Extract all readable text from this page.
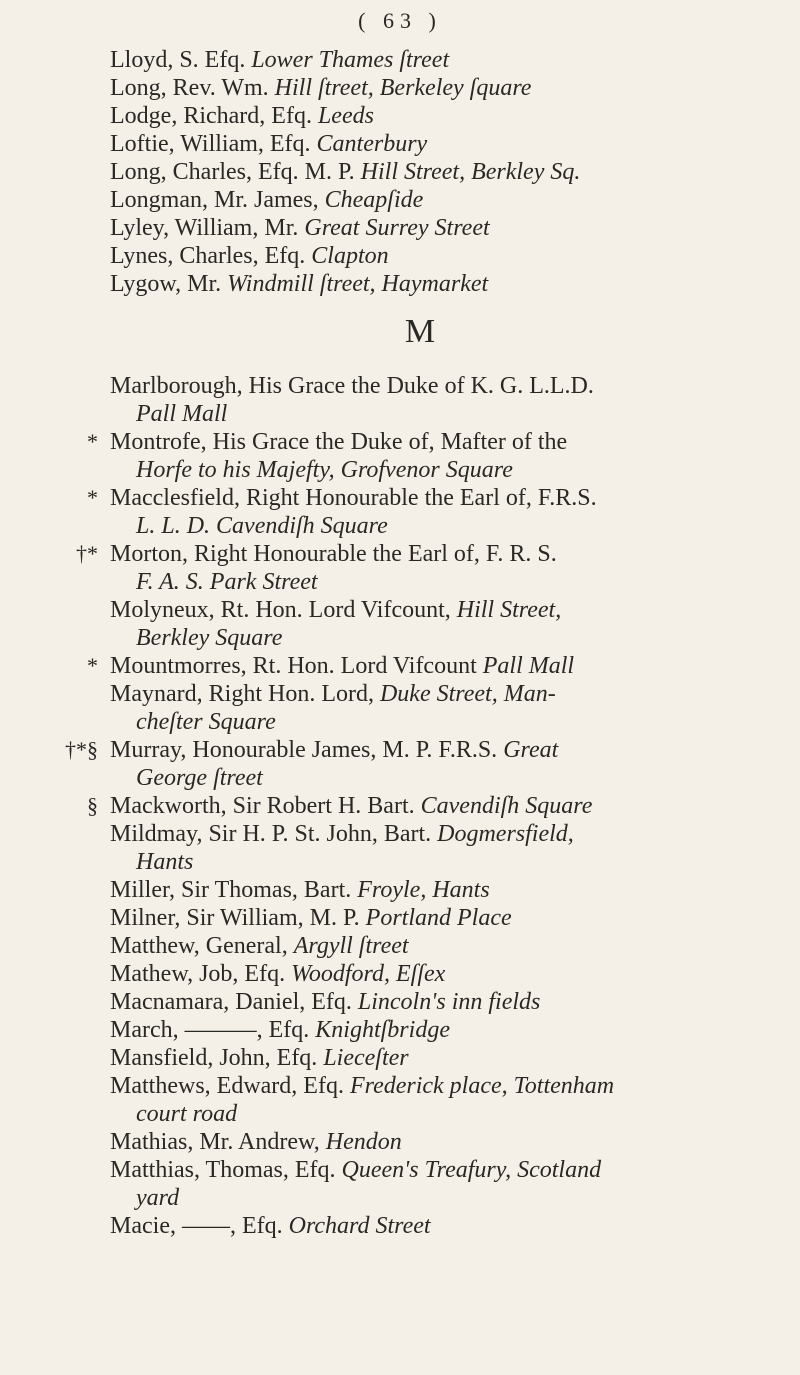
( 63 )
Lloyd, S. Efq. Lower Thames ſtreet
Long, Rev. Wm. Hill ſtreet, Berkeley ſquare
Lodge, Richard, Efq. Leeds
Loftie, William, Efq. Canterbury
Long, Charles, Efq. M. P. Hill Street, Berkley Sq.
Longman, Mr. James, Cheapſide
Lyley, William, Mr. Great Surrey Street
Lynes, Charles, Efq. Clapton
Lygow, Mr. Windmill ſtreet, Haymarket
M
Marlborough, His Grace the Duke of K. G. L.L.D.
Pall Mall
* Montrofe, His Grace the Duke of, Mafter of the
Horfe to his Majefty, Grofvenor Square
* Macclesfield, Right Honourable the Earl of, F.R.S.
L. L. D. Cavendiſh Square
†* Morton, Right Honourable the Earl of, F. R. S.
F. A. S. Park Street
Molyneux, Rt. Hon. Lord Vifcount, Hill Street,
Berkley Square
* Mountmorres, Rt. Hon. Lord Vifcount Pall Mall
Maynard, Right Hon. Lord, Duke Street, Man-
cheſter Square
†*§ Murray, Honourable James, M. P. F.R.S. Great
George ſtreet
§ Mackworth, Sir Robert H. Bart. Cavendiſh Square
Mildmay, Sir H. P. St. John, Bart. Dogmersfield,
Hants
Miller, Sir Thomas, Bart. Froyle, Hants
Milner, Sir William, M. P. Portland Place
Matthew, General, Argyll ſtreet
Mathew, Job, Efq. Woodford, Eſſex
Macnamara, Daniel, Efq. Lincoln's inn fields
March, ———, Efq. Knightſbridge
Mansfield, John, Efq. Lieceſter
Matthews, Edward, Efq. Frederick place, Tottenham
court road
Mathias, Mr. Andrew, Hendon
Matthias, Thomas, Efq. Queen's Treafury, Scotland
yard
Macie, ——, Efq. Orchard Street
